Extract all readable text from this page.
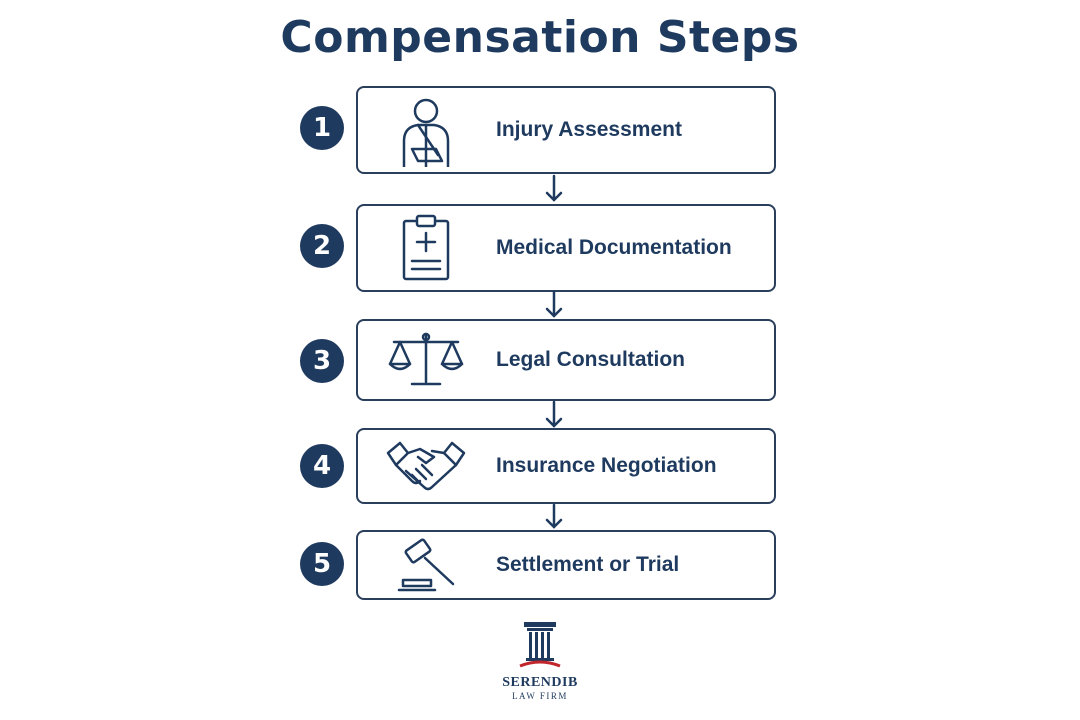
Compensation Steps
1	Injury Assessment
2	Medical Documentation
3	Legal Consultation
4	Insurance Negotiation
5	Settlement or Trial
SERENDIB
LAW FIRM
